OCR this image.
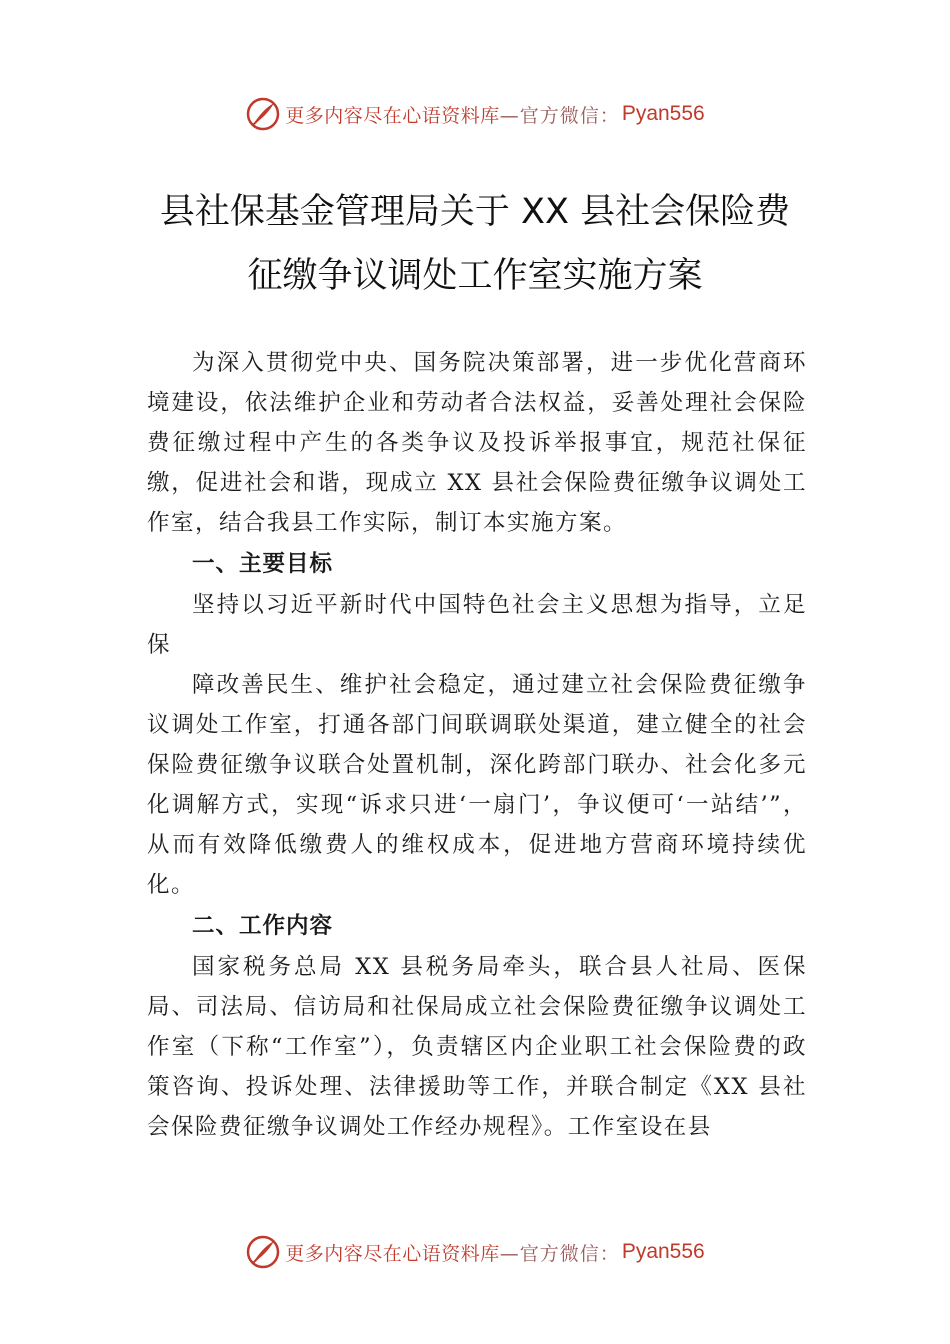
更多内容尽在心语资料库 —官方微信： Pyan556
县社保基金管理局关于 XX 县社会保险费
征缴争议调处工作室实施方案

为深入贯彻党中央、国务院决策部署，进一步优化营商环境建设，依法维护企业和劳动者合法权益，妥善处理社会保险费征缴过程中产生的各类争议及投诉举报事宜，规范社保征缴，促进社会和谐，现成立 XX 县社会保险费征缴争议调处工作室，结合我县工作实际，制订本实施方案。

一、主要目标

坚持以习近平新时代中国特色社会主义思想为指导，立足保

障改善民生、维护社会稳定，通过建立社会保险费征缴争议调处工作室，打通各部门间联调联处渠道，建立健全的社会保险费征缴争议联合处置机制，深化跨部门联办、社会化多元化调解方式，实现“诉求只进‘一扇门’，争议便可‘一站结’”，从而有效降低缴费人的维权成本，促进地方营商环境持续优化。

二、工作内容

国家税务总局 XX 县税务局牵头，联合县人社局、医保局、司法局、信访局和社保局成立社会保险费征缴争议调处工作室（下称“工作室”），负责辖区内企业职工社会保险费的政策咨询、投诉处理、法律援助等工作，并联合制定《XX 县社会保险费征缴争议调处工作经办规程》。工作室设在县

更多内容尽在心语资料库 —官方微信： Pyan556
